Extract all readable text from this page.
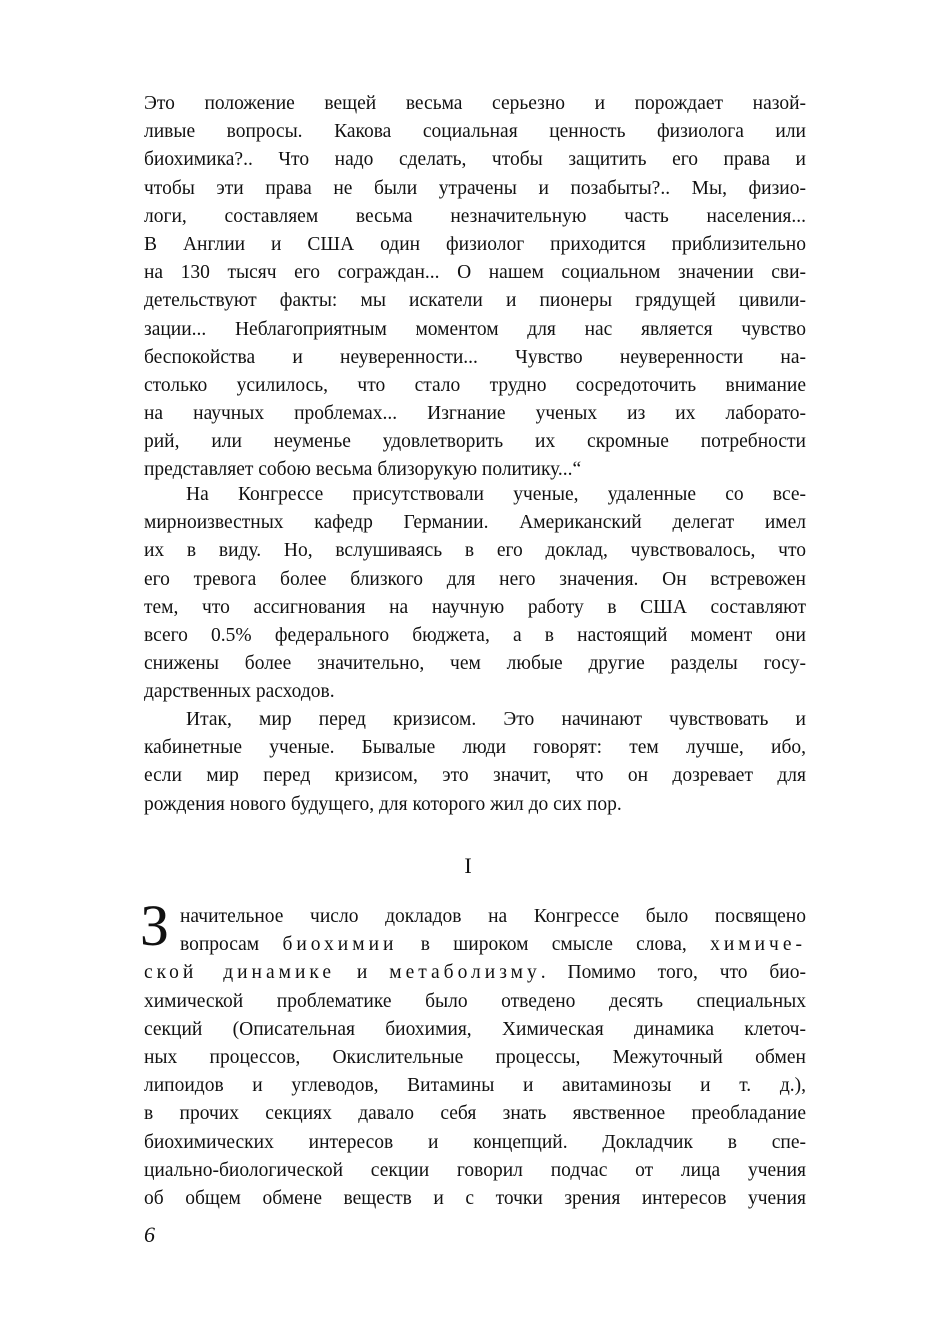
Это положение вещей весьма серьезно и порождает назой-
ливые вопросы. Какова социальная ценность физиолога или
биохимика?.. Что надо сделать, чтобы защитить его права и
чтобы эти права не были утрачены и позабыты?.. Мы, физио-
логи, составляем весьма незначительную часть населения...
В Англии и США один физиолог приходится приблизительно
на 130 тысяч его сограждан... О нашем социальном значении сви-
детельствуют факты: мы искатели и пионеры грядущей цивили-
зации... Неблагоприятным моментом для нас является чувство
беспокойства и неуверенности... Чувство неуверенности на-
столько усилилось, что стало трудно сосредоточить внимание
на научных проблемах... Изгнание ученых из их лаборато-
рий, или неуменье удовлетворить их скромные потребности
представляет собою весьма близорукую политику...“
На Конгрессе присутствовали ученые, удаленные со все-
мирноизвестных кафедр Германии. Американский делегат имел
их в виду. Но, вслушиваясь в его доклад, чувствовалось, что
его тревога более близкого для него значения. Он встревожен
тем, что ассигнования на научную работу в США составляют
всего 0.5% федерального бюджета, а в настоящий момент они
снижены более значительно, чем любые другие разделы госу-
дарственных расходов.
Итак, мир перед кризисом. Это начинают чувствовать и
кабинетные ученые. Бывалые люди говорят: тем лучше, ибо,
если мир перед кризисом, это значит, что он дозревает для
рождения нового будущего, для которого жил до сих пор.
I
З начительное число докладов на Конгрессе было посвящено
вопросам биохимии в широком смысле слова, химиче-
ской динамике и метаболизму. Помимо того, что био-
химической проблематике было отведено десять специальных
секций (Описательная биохимия, Химическая динамика клеточ-
ных процессов, Окислительные процессы, Межуточный обмен
липоидов и углеводов, Витамины и авитаминозы и т. д.),
в прочих секциях давало себя знать явственное преобладание
биохимических интересов и концепций. Докладчик в спе-
циально-биологической секции говорил подчас от лица учения
об общем обмене веществ и с точки зрения интересов учения
6
